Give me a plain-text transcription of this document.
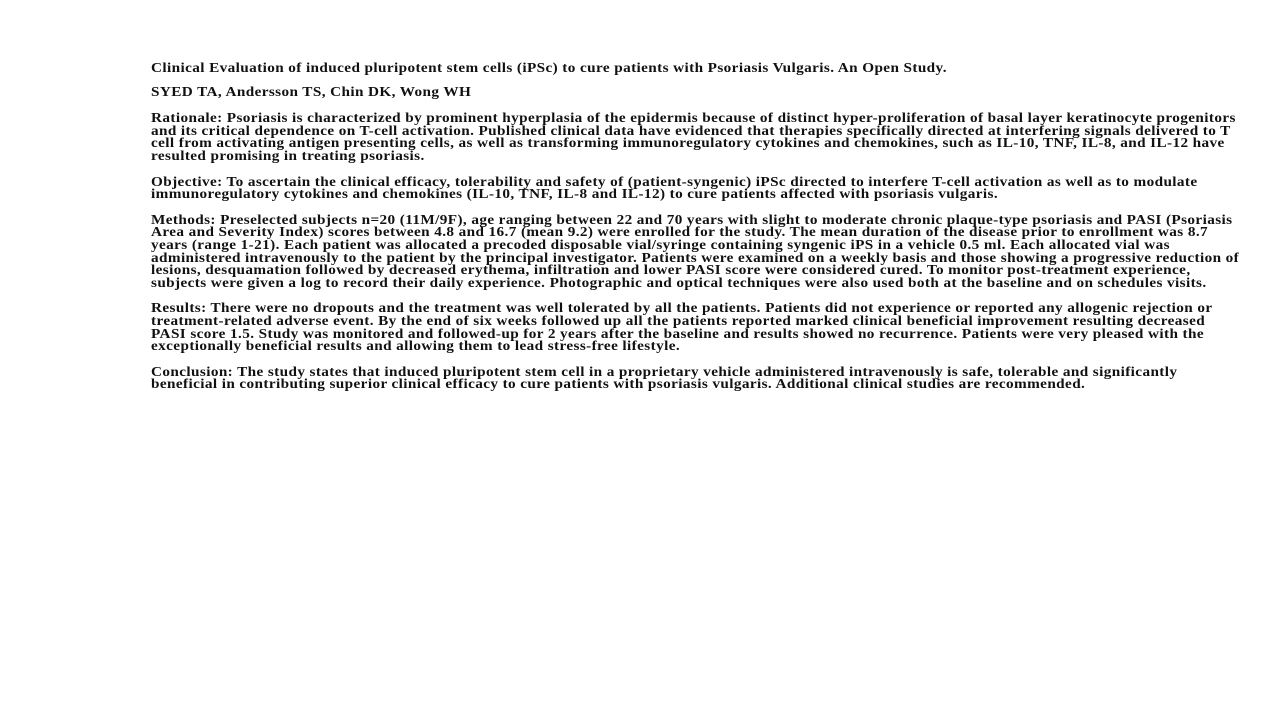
Clinical Evaluation of induced pluripotent stem cells (iPSc) to cure patients with Psoriasis Vulgaris. An Open Study.

SYED TA, Andersson TS, Chin DK, Wong WH

Rationale: Psoriasis is characterized by prominent hyperplasia of the epidermis because of distinct hyper-proliferation of basal layer keratinocyte progenitors and its critical dependence on T-cell activation. Published clinical data have evidenced that therapies specifically directed at interfering signals delivered to T cell from activating antigen presenting cells, as well as transforming immunoregulatory cytokines and chemokines, such as IL-10, TNF, IL-8, and IL-12 have resulted promising in treating psoriasis.

Objective: To ascertain the clinical efficacy, tolerability and safety of (patient-syngenic) iPSc directed to interfere T-cell activation as well as to modulate immunoregulatory cytokines and chemokines (IL-10, TNF, IL-8 and IL-12) to cure patients affected with psoriasis vulgaris.

Methods: Preselected subjects n=20 (11M/9F), age ranging between 22 and 70 years with slight to moderate chronic plaque-type psoriasis and PASI (Psoriasis Area and Severity Index) scores between 4.8 and 16.7 (mean 9.2) were enrolled for the study. The mean duration of the disease prior to enrollment was 8.7 years (range 1-21). Each patient was allocated a precoded disposable vial/syringe containing syngenic iPS in a vehicle 0.5 ml. Each allocated vial was administered intravenously to the patient by the principal investigator. Patients were examined on a weekly basis and those showing a progressive reduction of lesions, desquamation followed by decreased erythema, infiltration and lower PASI score were considered cured. To monitor post-treatment experience, subjects were given a log to record their daily experience. Photographic and optical techniques were also used both at the baseline and on schedules visits.

Results: There were no dropouts and the treatment was well tolerated by all the patients. Patients did not experience or reported any allogenic rejection or treatment-related adverse event. By the end of six weeks followed up all the patients reported marked clinical beneficial improvement resulting decreased PASI score 1.5. Study was monitored and followed-up for 2 years after the baseline and results showed no recurrence. Patients were very pleased with the exceptionally beneficial results and allowing them to lead stress-free lifestyle.

Conclusion: The study states that induced pluripotent stem cell in a proprietary vehicle administered intravenously is safe, tolerable and significantly beneficial in contributing superior clinical efficacy to cure patients with psoriasis vulgaris. Additional clinical studies are recommended.
